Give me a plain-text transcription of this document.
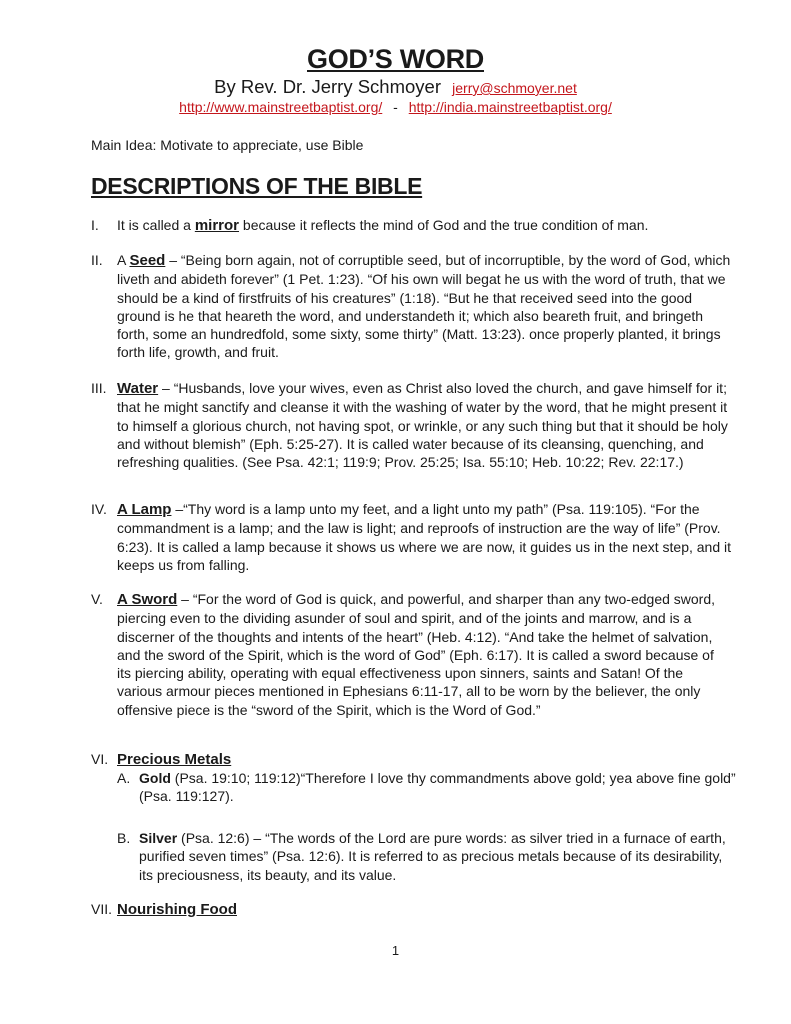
GOD’S WORD
By Rev. Dr. Jerry Schmoyer jerry@schmoyer.net
http://www.mainstreetbaptist.org/ - http://india.mainstreetbaptist.org/
Main Idea: Motivate to appreciate, use Bible
DESCRIPTIONS OF THE BIBLE
I. It is called a mirror because it reflects the mind of God and the true condition of man.
II. A Seed – “Being born again, not of corruptible seed, but of incorruptible, by the word of God, which liveth and abideth forever” (1 Pet. 1:23). “Of his own will begat he us with the word of truth, that we should be a kind of firstfruits of his creatures” (1:18). “But he that received seed into the good ground is he that heareth the word, and understandeth it; which also beareth fruit, and bringeth forth, some an hundredfold, some sixty, some thirty” (Matt. 13:23). once properly planted, it brings forth life, growth, and fruit.
III. Water – “Husbands, love your wives, even as Christ also loved the church, and gave himself for it; that he might sanctify and cleanse it with the washing of water by the word, that he might present it to himself a glorious church, not having spot, or wrinkle, or any such thing but that it should be holy and without blemish” (Eph. 5:25-27). It is called water because of its cleansing, quenching, and refreshing qualities. (See Psa. 42:1; 119:9; Prov. 25:25; Isa. 55:10; Heb. 10:22; Rev. 22:17.)
IV. A Lamp –“Thy word is a lamp unto my feet, and a light unto my path” (Psa. 119:105). “For the commandment is a lamp; and the law is light; and reproofs of instruction are the way of life” (Prov. 6:23). It is called a lamp because it shows us where we are now, it guides us in the next step, and it keeps us from falling.
V. A Sword – “For the word of God is quick, and powerful, and sharper than any two-edged sword, piercing even to the dividing asunder of soul and spirit, and of the joints and marrow, and is a discerner of the thoughts and intents of the heart” (Heb. 4:12). “And take the helmet of salvation, and the sword of the Spirit, which is the word of God” (Eph. 6:17). It is called a sword because of its piercing ability, operating with equal effectiveness upon sinners, saints and Satan! Of the various armour pieces mentioned in Ephesians 6:11-17, all to be worn by the believer, the only offensive piece is the “sword of the Spirit, which is the Word of God.”
VI. Precious Metals
A. Gold (Psa. 19:10; 119:12)“Therefore I love thy commandments above gold; yea above fine gold”
(Psa. 119:127).
B. Silver (Psa. 12:6) – “The words of the Lord are pure words: as silver tried in a furnace of earth, purified seven times” (Psa. 12:6). It is referred to as precious metals because of its desirability, its preciousness, its beauty, and its value.
VII. Nourishing Food
1
